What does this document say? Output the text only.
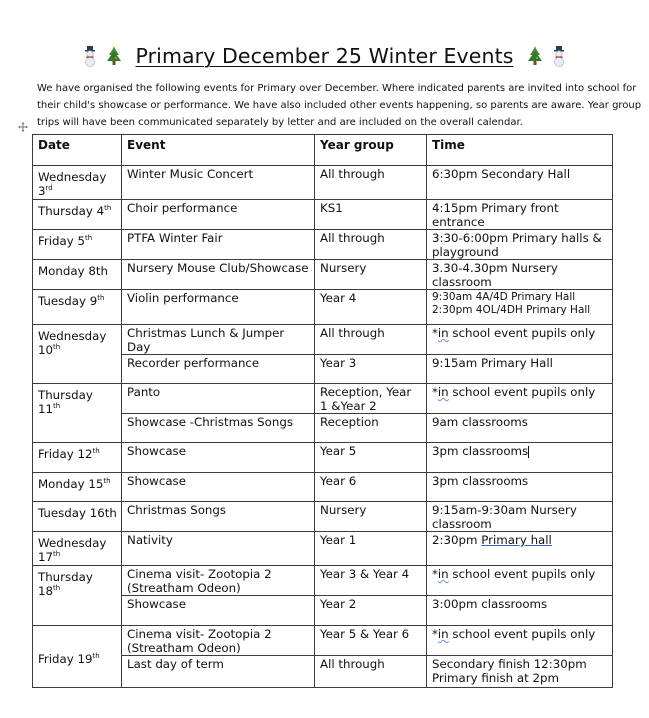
Primary December 25 Winter Events
We have organised the following events for Primary over December. Where indicated parents are invited into school for
their child's showcase or performance. We have also included other events happening, so parents are aware. Year group
trips will have been communicated separately by letter and are included on the overall calendar.
Date	Event	Year group	Time
Wednesday 3rd	Winter Music Concert	All through	6:30pm Secondary Hall
Thursday 4th	Choir performance	KS1	4:15pm Primary front entrance
Friday 5th	PTFA Winter Fair	All through	3:30-6:00pm Primary halls & playground
Monday 8th	Nursery Mouse Club/Showcase	Nursery	3.30-4.30pm Nursery classroom
Tuesday 9th	Violin performance	Year 4	9:30am 4A/4D Primary Hall
2:30pm 4OL/4DH Primary Hall

Wednesday 10th	Christmas Lunch & Jumper Day	All through	*in school event pupils only
	Recorder performance	Year 3	9:15am Primary Hall
Thursday 11th	Panto	Reception, Year 1 &Year 2	*in school event pupils only
	Showcase -Christmas Songs	Reception	9am classrooms
Friday 12th	Showcase	Year 5	3pm classrooms
Monday 15th	Showcase	Year 6	3pm classrooms
Tuesday 16th	Christmas Songs	Nursery	9:15am-9:30am Nursery classroom
Wednesday 17th	Nativity	Year 1	2:30pm Primary hall
Thursday 18th	Cinema visit- Zootopia 2 (Streatham Odeon)	Year 3 & Year 4	*in school event pupils only
	Showcase	Year 2	3:00pm classrooms
Friday 19th	Cinema visit- Zootopia 2 (Streatham Odeon)	Year 5 & Year 6	*in school event pupils only
	Last day of term	All through	Secondary finish 12:30pm
Primary finish at 2pm
